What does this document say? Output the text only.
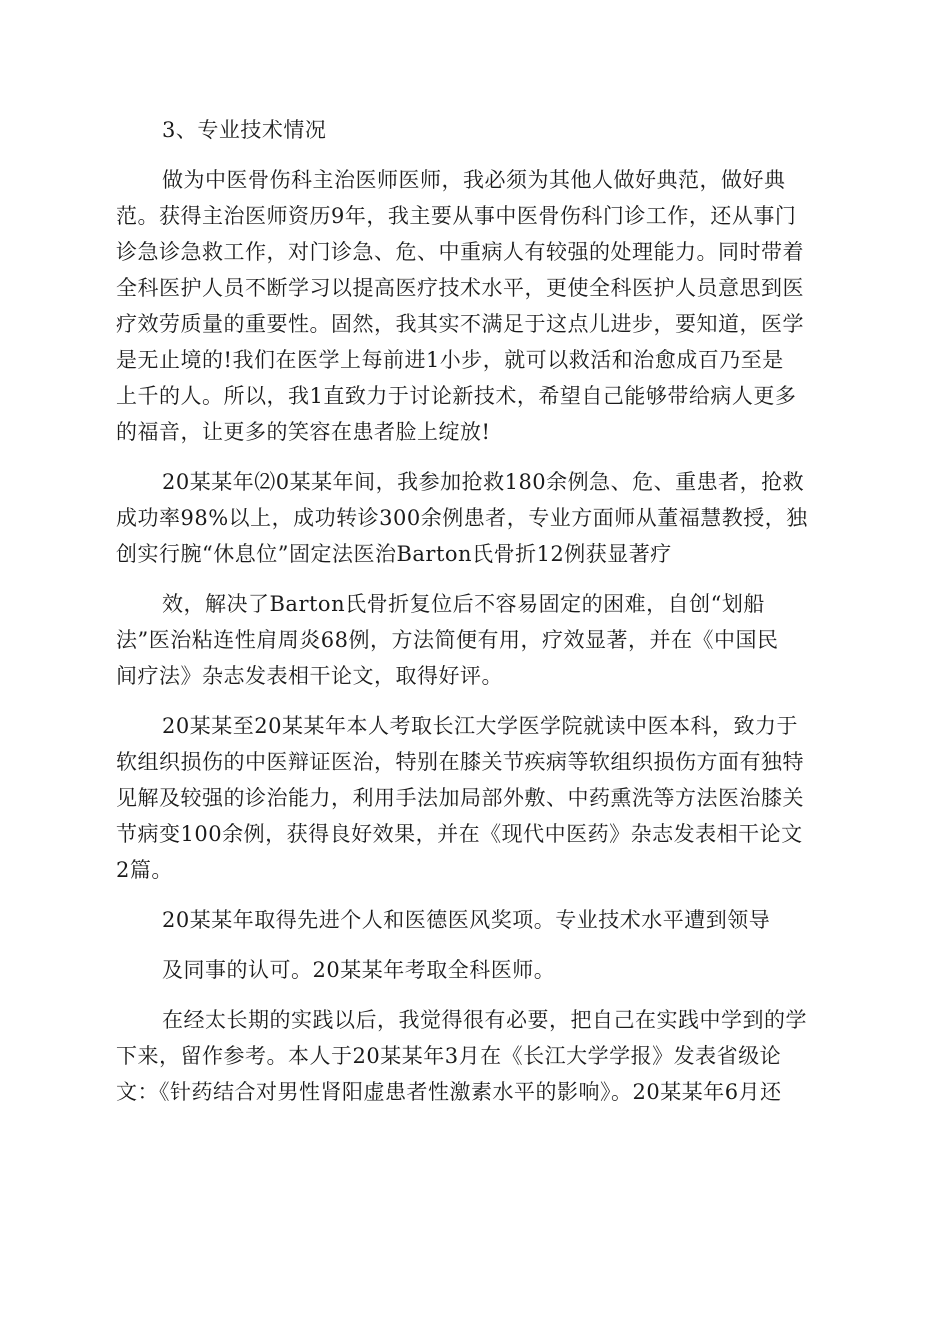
3、专业技术情况
做为中医骨伤科主治医师医师，我必须为其他人做好典范，做好典
范。获得主治医师资历9年，我主要从事中医骨伤科门诊工作，还从事门
诊急诊急救工作，对门诊急、危、中重病人有较强的处理能力。同时带着
全科医护人员不断学习以提高医疗技术水平，更使全科医护人员意思到医
疗效劳质量的重要性。固然，我其实不满足于这点儿进步，要知道，医学
是无止境的!我们在医学上每前进1小步，就可以救活和治愈成百乃至是
上千的人。所以，我1直致力于讨论新技术，希望自己能够带给病人更多
的福音，让更多的笑容在患者脸上绽放!
20某某年⑵0某某年间，我参加抢救180余例急、危、重患者，抢救
成功率98%以上，成功转诊300余例患者，专业方面师从董福慧教授，独
创实行腕“休息位”固定法医治Barton氏骨折12例获显著疗
效，解决了Barton氏骨折复位后不容易固定的困难，自创“划船
法”医治粘连性肩周炎68例，方法简便有用，疗效显著，并在《中国民
间疗法》杂志发表相干论文，取得好评。
20某某至20某某年本人考取长江大学医学院就读中医本科，致力于
软组织损伤的中医辩证医治，特别在膝关节疾病等软组织损伤方面有独特
见解及较强的诊治能力，利用手法加局部外敷、中药熏洗等方法医治膝关
节病变100余例，获得良好效果，并在《现代中医药》杂志发表相干论文
2篇。
20某某年取得先进个人和医德医风奖项。专业技术水平遭到领导
及同事的认可。20某某年考取全科医师。
在经太长期的实践以后，我觉得很有必要，把自己在实践中学到的学
下来，留作参考。本人于20某某年3月在《长江大学学报》发表省级论
文：《针药结合对男性肾阳虚患者性激素水平的影响》。20某某年6月还
